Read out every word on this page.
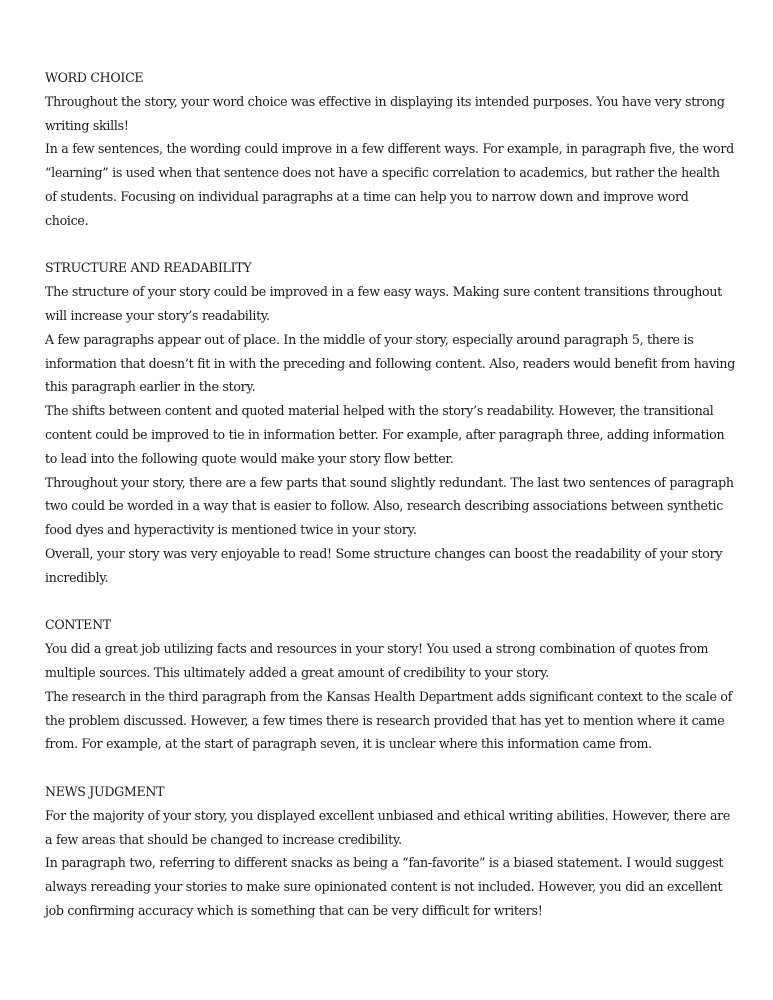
WORD CHOICE

Throughout the story, your word choice was effective in displaying its intended purposes. You have very strong writing skills!

In a few sentences, the wording could improve in a few different ways. For example, in paragraph five, the word “learning” is used when that sentence does not have a specific correlation to academics, but rather the health of students. Focusing on individual paragraphs at a time can help you to narrow down and improve word choice.

STRUCTURE AND READABILITY

The structure of your story could be improved in a few easy ways. Making sure content transitions throughout will increase your story’s readability.

A few paragraphs appear out of place. In the middle of your story, especially around paragraph 5, there is information that doesn’t fit in with the preceding and following content. Also, readers would benefit from having this paragraph earlier in the story.

The shifts between content and quoted material helped with the story’s readability. However, the transitional content could be improved to tie in information better. For example, after paragraph three, adding information to lead into the following quote would make your story flow better.

Throughout your story, there are a few parts that sound slightly redundant. The last two sentences of paragraph two could be worded in a way that is easier to follow. Also, research describing associations between synthetic food dyes and hyperactivity is mentioned twice in your story.

Overall, your story was very enjoyable to read! Some structure changes can boost the readability of your story incredibly.

CONTENT

You did a great job utilizing facts and resources in your story! You used a strong combination of quotes from multiple sources. This ultimately added a great amount of credibility to your story.

The research in the third paragraph from the Kansas Health Department adds significant context to the scale of the problem discussed. However, a few times there is research provided that has yet to mention where it came from. For example, at the start of paragraph seven, it is unclear where this information came from.

NEWS JUDGMENT

For the majority of your story, you displayed excellent unbiased and ethical writing abilities. However, there are a few areas that should be changed to increase credibility.

In paragraph two, referring to different snacks as being a “fan-favorite” is a biased statement. I would suggest always rereading your stories to make sure opinionated content is not included. However, you did an excellent job confirming accuracy which is something that can be very difficult for writers!
